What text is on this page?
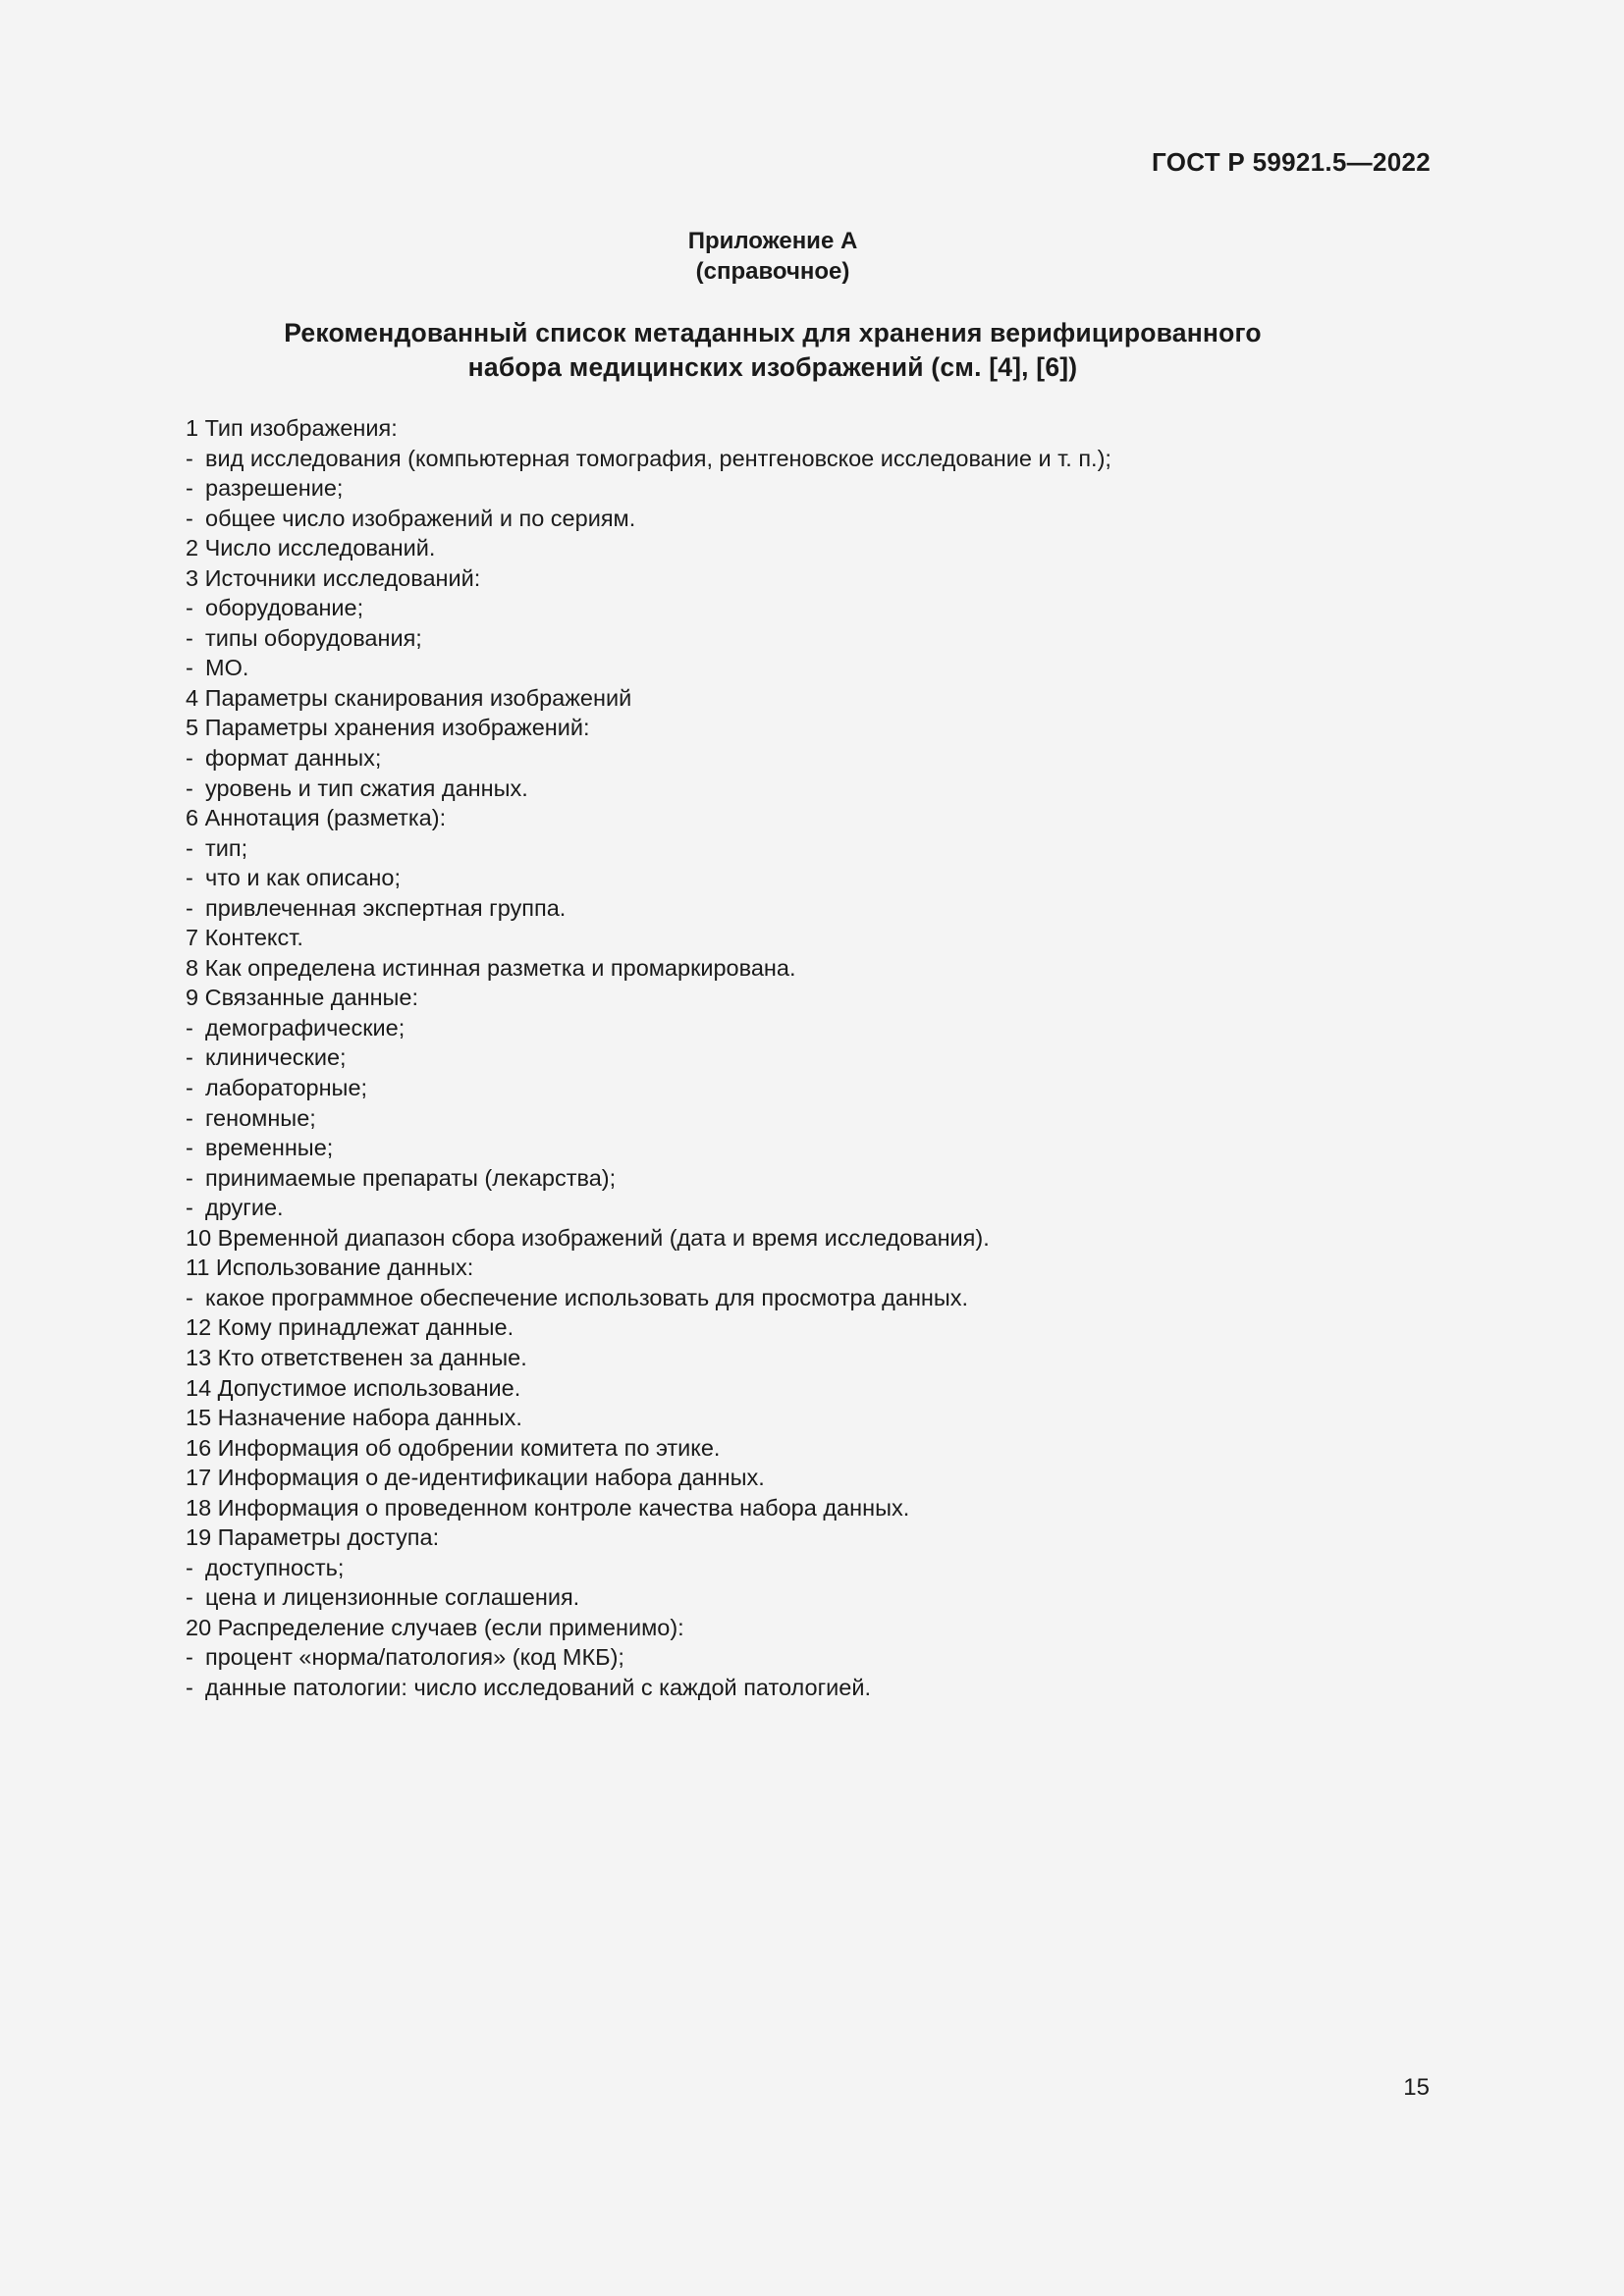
ГОСТ Р 59921.5—2022
Приложение А
(справочное)
Рекомендованный список метаданных для хранения верифицированного
набора медицинских изображений (см. [4], [6])
1 Тип изображения:
- вид исследования (компьютерная томография, рентгеновское исследование и т. п.);
- разрешение;
- общее число изображений и по сериям.
2 Число исследований.
3 Источники исследований:
- оборудование;
- типы оборудования;
- МО.
4 Параметры сканирования изображений
5 Параметры хранения изображений:
- формат данных;
- уровень и тип сжатия данных.
6 Аннотация (разметка):
- тип;
- что и как описано;
- привлеченная экспертная группа.
7 Контекст.
8 Как определена истинная разметка и промаркирована.
9 Связанные данные:
- демографические;
- клинические;
- лабораторные;
- геномные;
- временные;
- принимаемые препараты (лекарства);
- другие.
10 Временной диапазон сбора изображений (дата и время исследования).
11 Использование данных:
- какое программное обеспечение использовать для просмотра данных.
12 Кому принадлежат данные.
13 Кто ответственен за данные.
14 Допустимое использование.
15 Назначение набора данных.
16 Информация об одобрении комитета по этике.
17 Информация о де-идентификации набора данных.
18 Информация о проведенном контроле качества набора данных.
19 Параметры доступа:
- доступность;
- цена и лицензионные соглашения.
20 Распределение случаев (если применимо):
- процент «норма/патология» (код МКБ);
- данные патологии: число исследований с каждой патологией.
15
